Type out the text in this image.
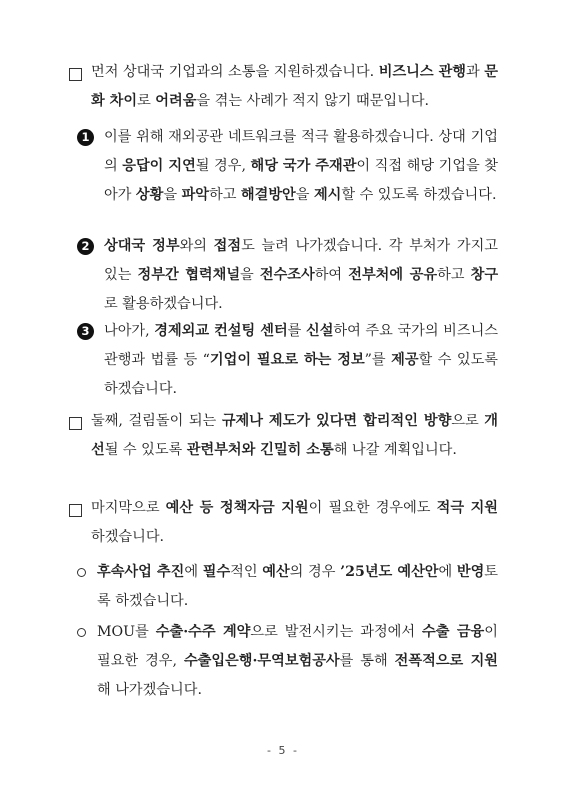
먼저 상대국 기업과의 소통을 지원하겠습니다. 비즈니스 관행과 문화 차이로 어려움을 겪는 사례가 적지 않기 때문입니다.

1	이를 위해 재외공관 네트워크를 적극 활용하겠습니다. 상대 기업의 응답이 지연될 경우, 해당 국가 주재관이 직접 해당 기업을 찾아가 상황을 파악하고 해결방안을 제시할 수 있도록 하겠습니다.

2	상대국 정부와의 접점도 늘려 나가겠습니다. 각 부처가 가지고 있는 정부간 협력채널을 전수조사하여 전부처에 공유하고 창구로 활용하겠습니다.

3	나아가, 경제외교 컨설팅 센터를 신설하여 주요 국가의 비즈니스 관행과 법률 등 “기업이 필요로 하는 정보”를 제공할 수 있도록 하겠습니다.

둘째, 걸림돌이 되는 규제나 제도가 있다면 합리적인 방향으로 개선될 수 있도록 관련부처와 긴밀히 소통해 나갈 계획입니다.

마지막으로 예산 등 정책자금 지원이 필요한 경우에도 적극 지원하겠습니다.

후속사업 추진에 필수적인 예산의 경우 ’25년도 예산안에 반영토록 하겠습니다.

MOU를 수출·수주 계약으로 발전시키는 과정에서 수출 금융이 필요한 경우, 수출입은행·무역보험공사를 통해 전폭적으로 지원해 나가겠습니다.

- 5 -
